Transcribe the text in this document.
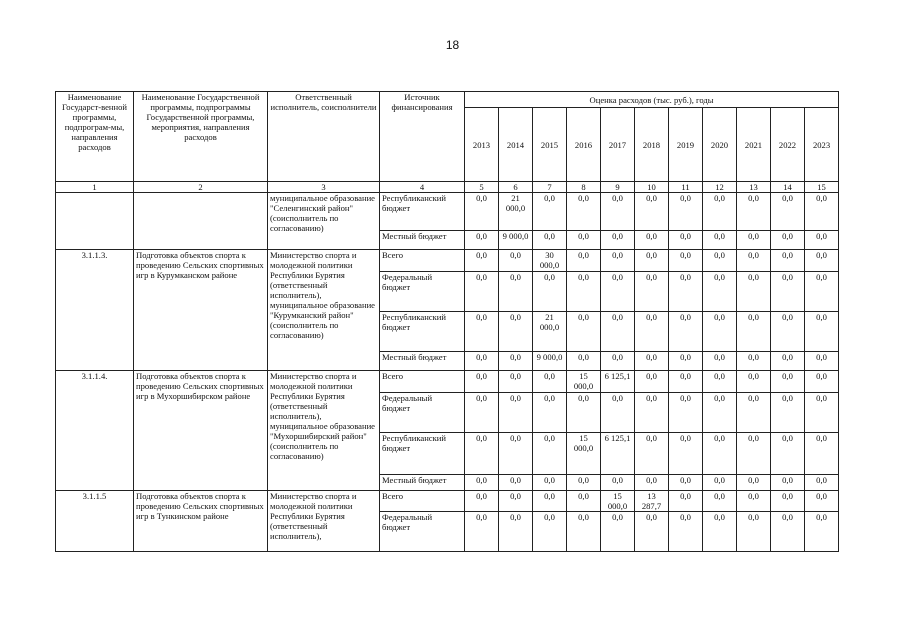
18
Наименование Государст-венной программы, подпрограм-мы, направления расходов	Наименование Государственной программы, подпрограммы Государственной программы, мероприятия, направления расходов	Ответственный исполнитель, соисполнители	Источник финансирования	Оценка расходов (тыс. руб.), годы										
				2013	2014	2015	2016	2017	2018	2019	2020	2021	2022	2023
1	2	3	4	5	6	7	8	9	10	11	12	13	14	15
		муниципальное образование "Селенгинский район" (соисполнитель по согласованию)	Республиканский бюджет	0,0	21 000,0	0,0	0,0	0,0	0,0	0,0	0,0	0,0	0,0	0,0
			Местный бюджет	0,0	9 000,0	0,0	0,0	0,0	0,0	0,0	0,0	0,0	0,0	0,0
3.1.1.3.	Подготовка объектов спорта к проведению Сельских спортивных игр в Курумканском районе	Министерство спорта и молодежной политики Республики Бурятия (ответственный исполнитель), муниципальное образование "Курумканский район" (соисполнитель по согласованию)	Всего	0,0	0,0	30 000,0	0,0	0,0	0,0	0,0	0,0	0,0	0,0	0,0
			Федеральный бюджет	0,0	0,0	0,0	0,0	0,0	0,0	0,0	0,0	0,0	0,0	0,0
			Республиканский бюджет	0,0	0,0	21 000,0	0,0	0,0	0,0	0,0	0,0	0,0	0,0	0,0
			Местный бюджет	0,0	0,0	9 000,0	0,0	0,0	0,0	0,0	0,0	0,0	0,0	0,0
3.1.1.4.	Подготовка объектов спорта к проведению Сельских спортивных игр в Мухоршибирском районе	Министерство спорта и молодежной политики Республики Бурятия (ответственный исполнитель), муниципальное образование "Мухоршибирский район" (соисполнитель по согласованию)	Всего	0,0	0,0	0,0	15 000,0	6 125,1	0,0	0,0	0,0	0,0	0,0	0,0
			Федеральный бюджет	0,0	0,0	0,0	0,0	0,0	0,0	0,0	0,0	0,0	0,0	0,0
			Республиканский бюджет	0,0	0,0	0,0	15 000,0	6 125,1	0,0	0,0	0,0	0,0	0,0	0,0
			Местный бюджет	0,0	0,0	0,0	0,0	0,0	0,0	0,0	0,0	0,0	0,0	0,0
3.1.1.5	Подготовка объектов спорта к проведению Сельских спортивных игр в Тункинском районе	Министерство спорта и молодежной политики Республики Бурятия (ответственный исполнитель),	Всего	0,0	0,0	0,0	0,0	15 000,0	13 287,7	0,0	0,0	0,0	0,0	0,0
			Федеральный бюджет	0,0	0,0	0,0	0,0	0,0	0,0	0,0	0,0	0,0	0,0	0,0
